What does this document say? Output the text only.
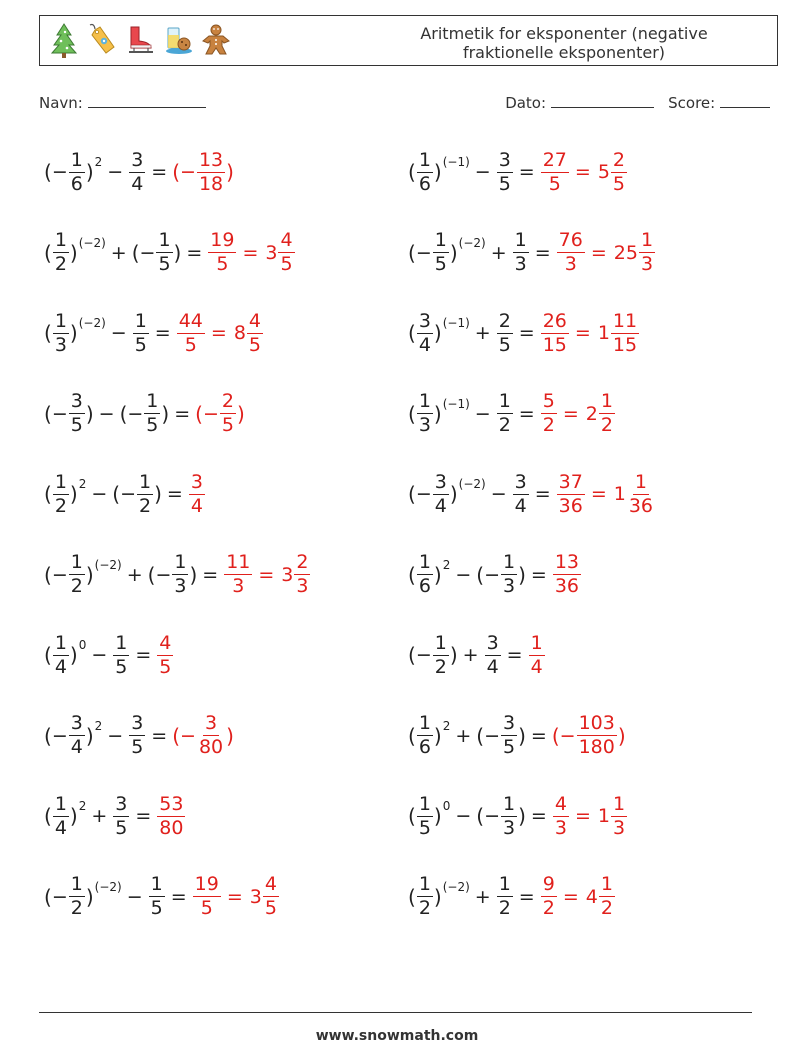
Aritmetik for eksponenter (negative fraktionelle eksponenter)
Navn:	Dato:	Score:
( − $\frac{1}{6}$ ) $2 - \frac{3}{4}$ = ( − $\frac{13}{18}$ )	( $\frac{1}{6}$ ) $(-1) - \frac{3}{5} = \frac{27}{5} = 5 \frac{2}{5}$
( $\frac{1}{2}$ ) (−2) + ( − $\frac{1}{5}$ ) = $\frac{19}{5} = 3 \frac{4}{5}$	( − $\frac{1}{5}$ ) $(-2) + \frac{1}{3} = \frac{76}{3} = 25 \frac{1}{3}$
( $\frac{1}{3}$ ) $(-2) - \frac{1}{5} = \frac{44}{5} = 8 \frac{4}{5}$	( $\frac{3}{4}$ ) $(-1) + \frac{2}{5} = \frac{26}{15} = 1 \frac{11}{15}$
( − $\frac{3}{5}$ ) − ( − $\frac{1}{5}$ ) = ( − $\frac{2}{5}$ )	( $\frac{1}{3}$ ) $(-1) - \frac{1}{2} = \frac{5}{2} = 2 \frac{1}{2}$
( $\frac{1}{2}$ ) 2 − ( − $\frac{1}{2}$ ) = $\frac{3}{4}$	( − $\frac{3}{4}$ ) $(-2) - \frac{3}{4} = \frac{37}{36} = 1 \frac{1}{36}$
( − $\frac{1}{2}$ ) (−2) + ( − $\frac{1}{3}$ ) = $\frac{11}{3} = 3 \frac{2}{3}$	( $\frac{1}{6}$ ) 2 − ( − $\frac{1}{3}$ ) = $\frac{13}{36}$
( $\frac{1}{4}$ ) $0 - \frac{1}{5} = \frac{4}{5}$	( − $\frac{1}{2}$ ) + $\frac{3}{4} = \frac{1}{4}$
( − $\frac{3}{4}$ ) $2 - \frac{3}{5}$ = ( − $\frac{3}{80}$ )	( $\frac{1}{6}$ ) 2 + ( − $\frac{3}{5}$ ) = ( − $\frac{103}{180}$ )
( $\frac{1}{4}$ ) $2 + \frac{3}{5} = \frac{53}{80}$	( $\frac{1}{5}$ ) 0 − ( − $\frac{1}{3}$ ) = $\frac{4}{3} = 1 \frac{1}{3}$
( − $\frac{1}{2}$ ) $(-2) - \frac{1}{5} = \frac{19}{5} = 3 \frac{4}{5}$	( $\frac{1}{2}$ ) $(-2) + \frac{1}{2} = \frac{9}{2} = 4 \frac{1}{2}$
www.snowmath.com
